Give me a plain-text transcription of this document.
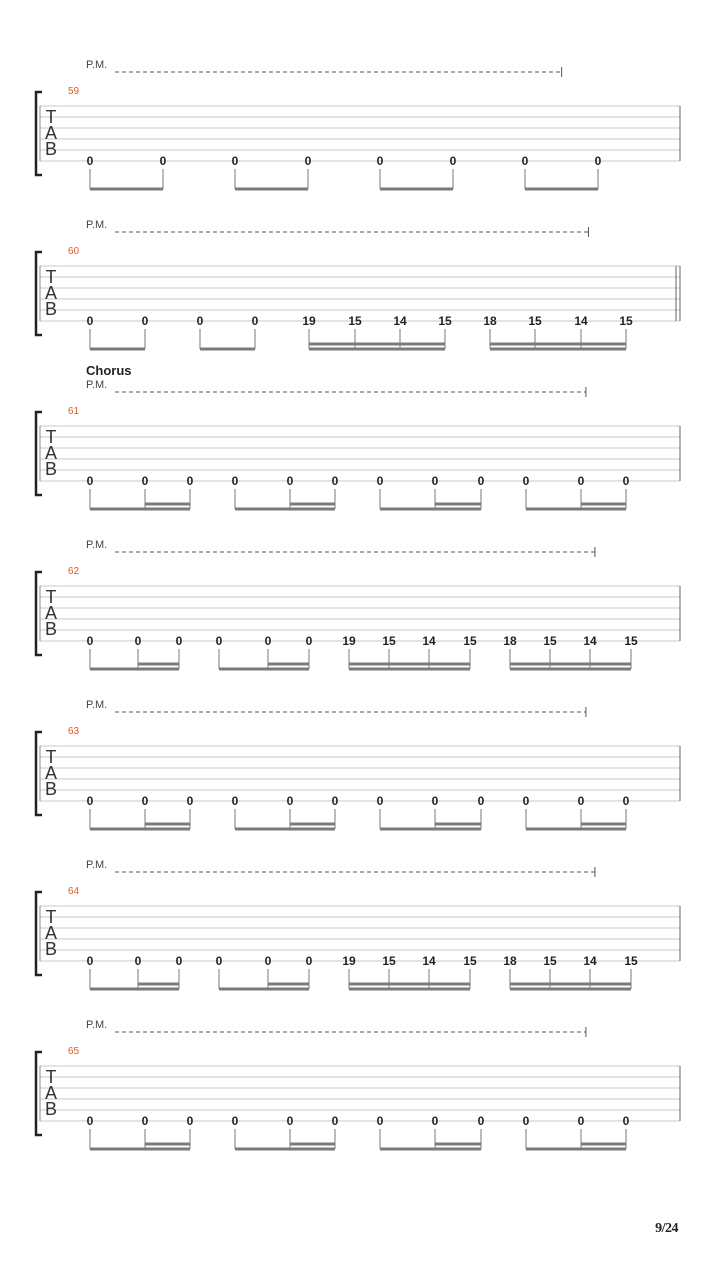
P.M.
59
T
A
B
0	0	0	0	0	0	0	0
P.M.
60
T
A
B
0	0	0	0	19	15	14	15	18	15	14	15
P.M.
Chorus
61
T
A
B
0	0	0	0	0	0	0	0	0	0	0	0
P.M.
62
T
A
B
0	0	0	0	0	0 19 15 14 15 18 15 14 15
P.M.
63
T
A
B
0	0	0	0	0	0	0	0	0	0	0	0
P.M.
64
T
A
B
0	0	0	0	0	0 19 15 14 15 18 15 14 15
P.M.
65
T
A
B
0	0	0	0	0	0	0	0	0	0	0	0
9/24
